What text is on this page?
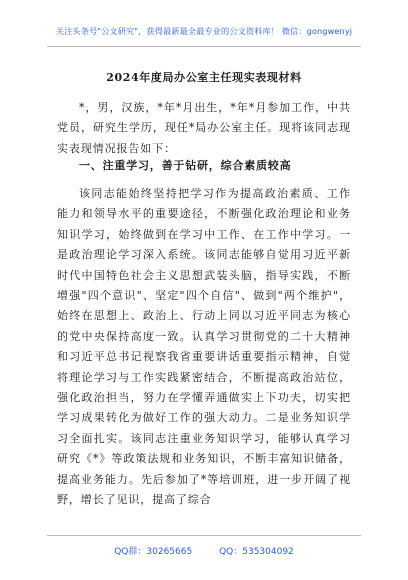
关注头条号"公文研究"，获得最新最全最专业的公文资料库！ 微信：gongwenyj
2024年度局办公室主任现实表现材料
*，男，汉族，*年*月出生，*年*月参加工作，中共党员，研究生学历，现任*局办公室主任。现将该同志现实表现情况报告如下：
一、注重学习，善于钻研，综合素质较高
该同志能始终坚持把学习作为提高政治素质、工作能力和领导水平的重要途径，不断强化政治理论和业务知识学习，始终做到在学习中工作、在工作中学习。一是政治理论学习深入系统。该同志能够自觉用习近平新时代中国特色社会主义思想武装头脑，指导实践，不断增强"四个意识"、坚定"四个自信"、做到"两个维护"，始终在思想上、政治上、行动上同以习近平同志为核心的党中央保持高度一致。认真学习贯彻党的二十大精神和习近平总书记视察我省重要讲话重要指示精神，自觉将理论学习与工作实践紧密结合，不断提高政治站位，强化政治担当，努力在学懂弄通做实上下功夫，切实把学习成果转化为做好工作的强大动力。二是业务知识学习全面扎实。该同志注重业务知识学习，能够认真学习研究《*》等政策法规和业务知识，不断丰富知识储备，提高业务能力。先后参加了*等培训班，进一步开阔了视野，增长了见识，提高了综合
QQ群：30265665	QQ：535304092
